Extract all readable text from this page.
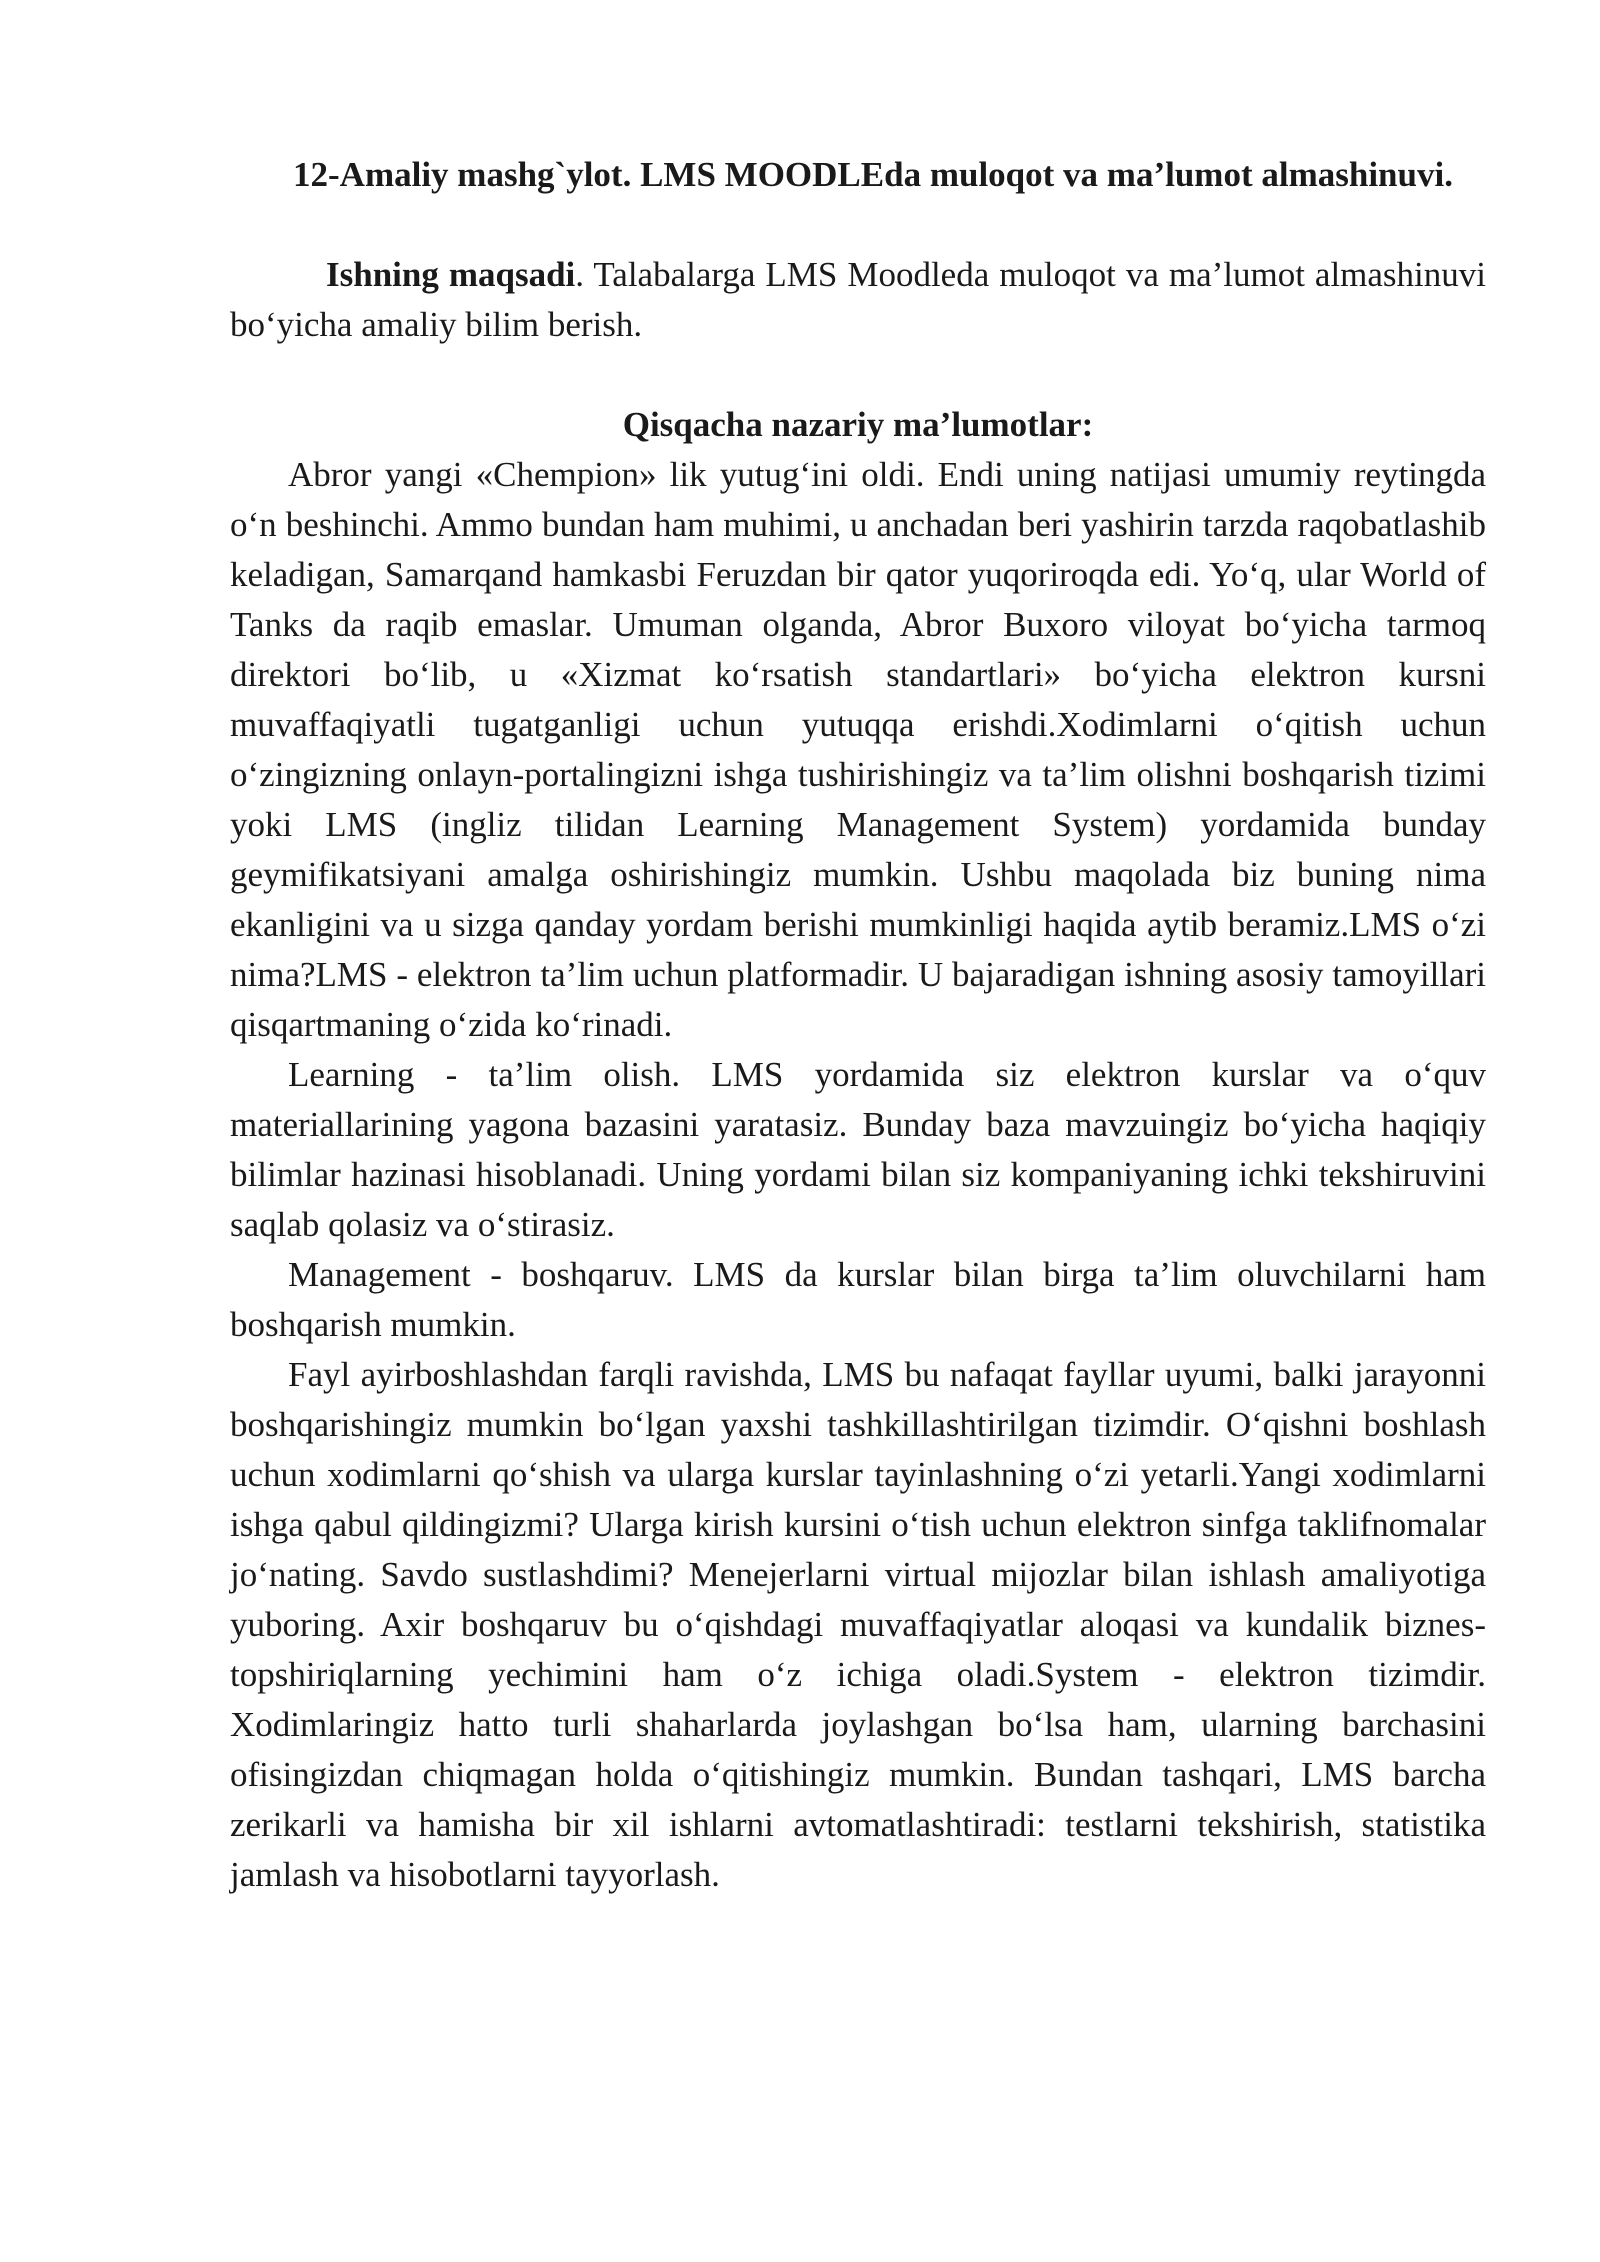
12-Amaliy mashg`ylot. LMS MOODLEda muloqot va ma’lumot almashinuvi.

Ishning maqsadi. Talabalarga LMS Moodleda muloqot va ma’lumot almashinuvi bo‘yicha amaliy bilim berish.

Qisqacha nazariy ma’lumotlar:

Abror yangi «Chempion» lik yutug‘ini oldi. Endi uning natijasi umumiy reytingda o‘n beshinchi. Ammo bundan ham muhimi, u anchadan beri yashirin tarzda raqobatlashib keladigan, Samarqand hamkasbi Feruzdan bir qator yuqoriroqda edi. Yo‘q, ular World of Tanks da raqib emaslar. Umuman olganda, Abror Buxoro viloyat bo‘yicha tarmoq direktori bo‘lib, u «Xizmat ko‘rsatish standartlari» bo‘yicha elektron kursni muvaffaqiyatli tugatganligi uchun yutuqqa erishdi.Xodimlarni o‘qitish uchun o‘zingizning onlayn-portalingizni ishga tushirishingiz va ta’lim olishni boshqarish tizimi yoki LMS (ingliz tilidan Learning Management System) yordamida bunday geymifikatsiyani amalga oshirishingiz mumkin. Ushbu maqolada biz buning nima ekanligini va u sizga qanday yordam berishi mumkinligi haqida aytib beramiz.LMS o‘zi nima?LMS - elektron ta’lim uchun platformadir. U bajaradigan ishning asosiy tamoyillari qisqartmaning o‘zida ko‘rinadi.

Learning - ta’lim olish. LMS yordamida siz elektron kurslar va o‘quv materiallarining yagona bazasini yaratasiz. Bunday baza mavzuingiz bo‘yicha haqiqiy bilimlar hazinasi hisoblanadi. Uning yordami bilan siz kompaniyaning ichki tekshiruvini saqlab qolasiz va o‘stirasiz.

Management - boshqaruv. LMS da kurslar bilan birga ta’lim oluvchilarni ham boshqarish mumkin.

Fayl ayirboshlashdan farqli ravishda, LMS bu nafaqat fayllar uyumi, balki jarayonni boshqarishingiz mumkin bo‘lgan yaxshi tashkillashtirilgan tizimdir. O‘qishni boshlash uchun xodimlarni qo‘shish va ularga kurslar tayinlashning o‘zi yetarli.Yangi xodimlarni ishga qabul qildingizmi? Ularga kirish kursini o‘tish uchun elektron sinfga taklifnomalar jo‘nating. Savdo sustlashdimi? Menejerlarni virtual mijozlar bilan ishlash amaliyotiga yuboring. Axir boshqaruv bu o‘qishdagi muvaffaqiyatlar aloqasi va kundalik biznes-topshiriqlarning yechimini ham o‘z ichiga oladi.System - elektron tizimdir. Xodimlaringiz hatto turli shaharlarda joylashgan bo‘lsa ham, ularning barchasini ofisingizdan chiqmagan holda o‘qitishingiz mumkin. Bundan tashqari, LMS barcha zerikarli va hamisha bir xil ishlarni avtomatlashtiradi: testlarni tekshirish, statistika jamlash va hisobotlarni tayyorlash.
